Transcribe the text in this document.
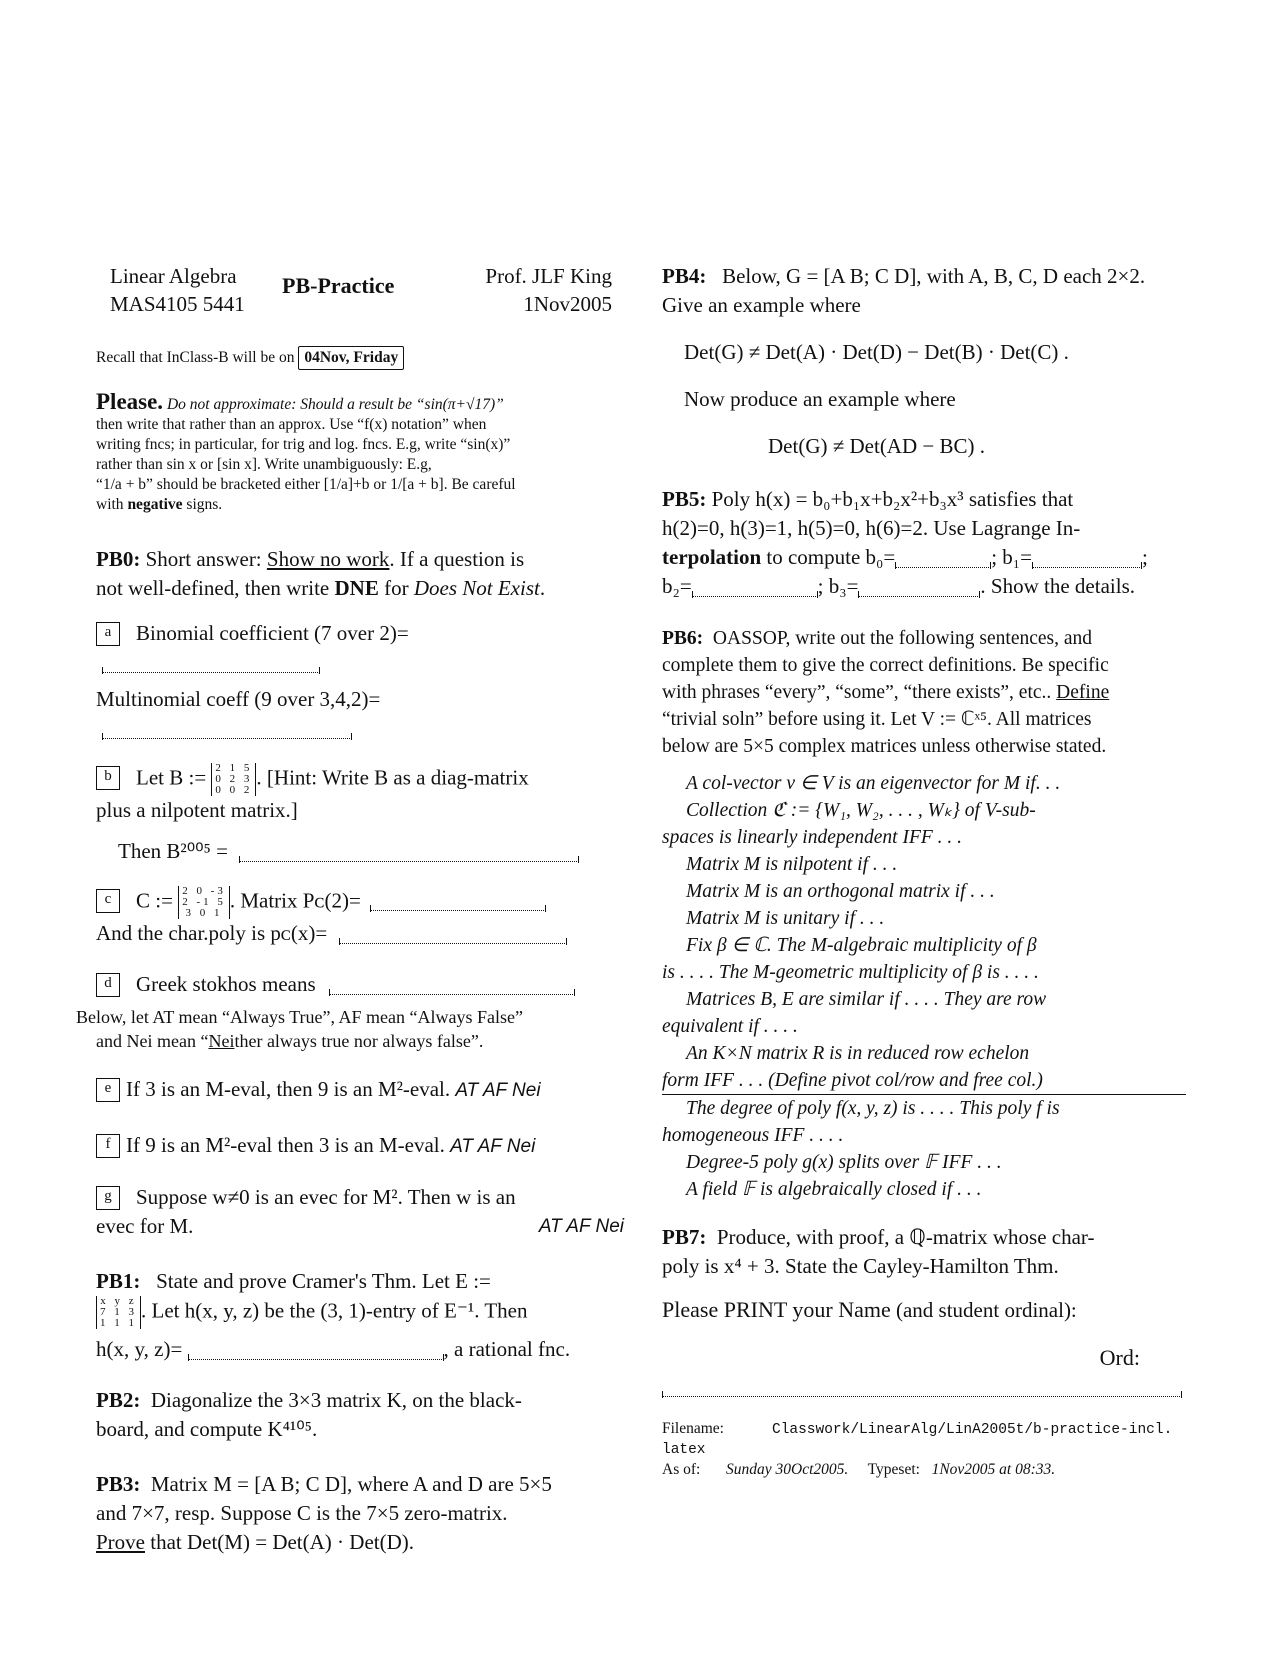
Linear Algebra
MAS4105 5441
PB-Practice	Prof. JLF King
1Nov2005

Recall that InClass-B will be on 04Nov, Friday

Please. Do not approximate: Should a result be “sin(π+√17)”
then write that rather than an approx. Use “f(x) notation” when
writing fncs; in particular, for trig and log. fncs. E.g, write “sin(x)”
rather than sin x or [sin x]. Write unambiguously: E.g,
“1/a + b” should be bracketed either [1/a]+b or 1/[a + b]. Be careful
with negative signs.
PB0: Short answer: Show no work. If a question is
not well-defined, then write DNE for Does Not Exist.
a Binomial coefficient (7 over 2)=
Multinomial coeff (9 over 3,4,2)=
b Let B := 2 1 5
0 2 3
0 0 2
. [Hint: Write B as a diag-matrix
plus a nilpotent matrix.]
Then B²⁰⁰⁵ =
c C := 2 0 -3
2 -1 5
3 0 1
. Matrix Pᴄ(2)=
And the char.poly is pᴄ(x)=
d Greek stokhos means
Below, let AT mean “Always True”, AF mean “Always False”
and Nei mean “Neither always true nor always false”.
e If 3 is an M-eval, then 9 is an M²-eval. AT AF Nei
f If 9 is an M²-eval then 3 is an M-eval. AT AF Nei
g Suppose w≠0 is an evec for M². Then w is an
evec for M.	AT AF Nei
PB1: State and prove Cramer's Thm. Let E :=
x y z
7 1 3
1 1 1
. Let h(x, y, z) be the (3, 1)-entry of E⁻¹. Then
h(x, y, z)=	, a rational fnc.
PB2: Diagonalize the 3×3 matrix K, on the black-
board, and compute K⁴¹⁰⁵.
PB3: Matrix M = [A B; C D], where A and D are 5×5
and 7×7, resp. Suppose C is the 7×5 zero-matrix.
Prove that Det(M) = Det(A) · Det(D).
PB4: Below, G = [A B; C D], with A, B, C, D each 2×2.
Give an example where
Det(G) ≠ Det(A) · Det(D) − Det(B) · Det(C) .
Now produce an example where
Det(G) ≠ Det(AD − BC) .
PB5: Poly h(x) = b₀+b₁x+b₂x²+b₃x³ satisfies that
h(2)=0, h(3)=1, h(5)=0, h(6)=2. Use Lagrange In-
terpolation to compute b₀=	; b₁=	;
b₂=	; b₃=	. Show the details.
PB6: OASSOP, write out the following sentences, and
complete them to give the correct definitions. Be specific
with phrases “every”, “some”, “there exists”, etc.. Define
“trivial soln” before using it. Let V := ℂˣ⁵. All matrices
below are 5×5 complex matrices unless otherwise stated.
A col-vector v ∈ V is an eigenvector for M if. . .
Collection ℭ := {W₁, W₂, . . . , Wₖ} of V-sub-
spaces is linearly independent IFF . . .
Matrix M is nilpotent if . . .
Matrix M is an orthogonal matrix if . . .
Matrix M is unitary if . . .
Fix β ∈ ℂ. The M-algebraic multiplicity of β
is . . . . The M-geometric multiplicity of β is . . . .
Matrices B, E are similar if . . . . They are row
equivalent if . . . .
An K×N matrix R is in reduced row echelon
form IFF . . . (Define pivot col/row and free col.)
The degree of poly f(x, y, z) is . . . . This poly f is
homogeneous IFF . . . .
Degree-5 poly g(x) splits over 𝔽 IFF . . .
A field 𝔽 is algebraically closed if . . .
PB7: Produce, with proof, a ℚ-matrix whose char-
poly is x⁴ + 3. State the Cayley-Hamilton Thm.
Please PRINT your Name (and student ordinal):
Ord:
Filename:	Classwork/LinearAlg/LinA2005t/b-practice-incl.
latex
As of: Sunday 30Oct2005. Typeset: 1Nov2005 at 08:33.
